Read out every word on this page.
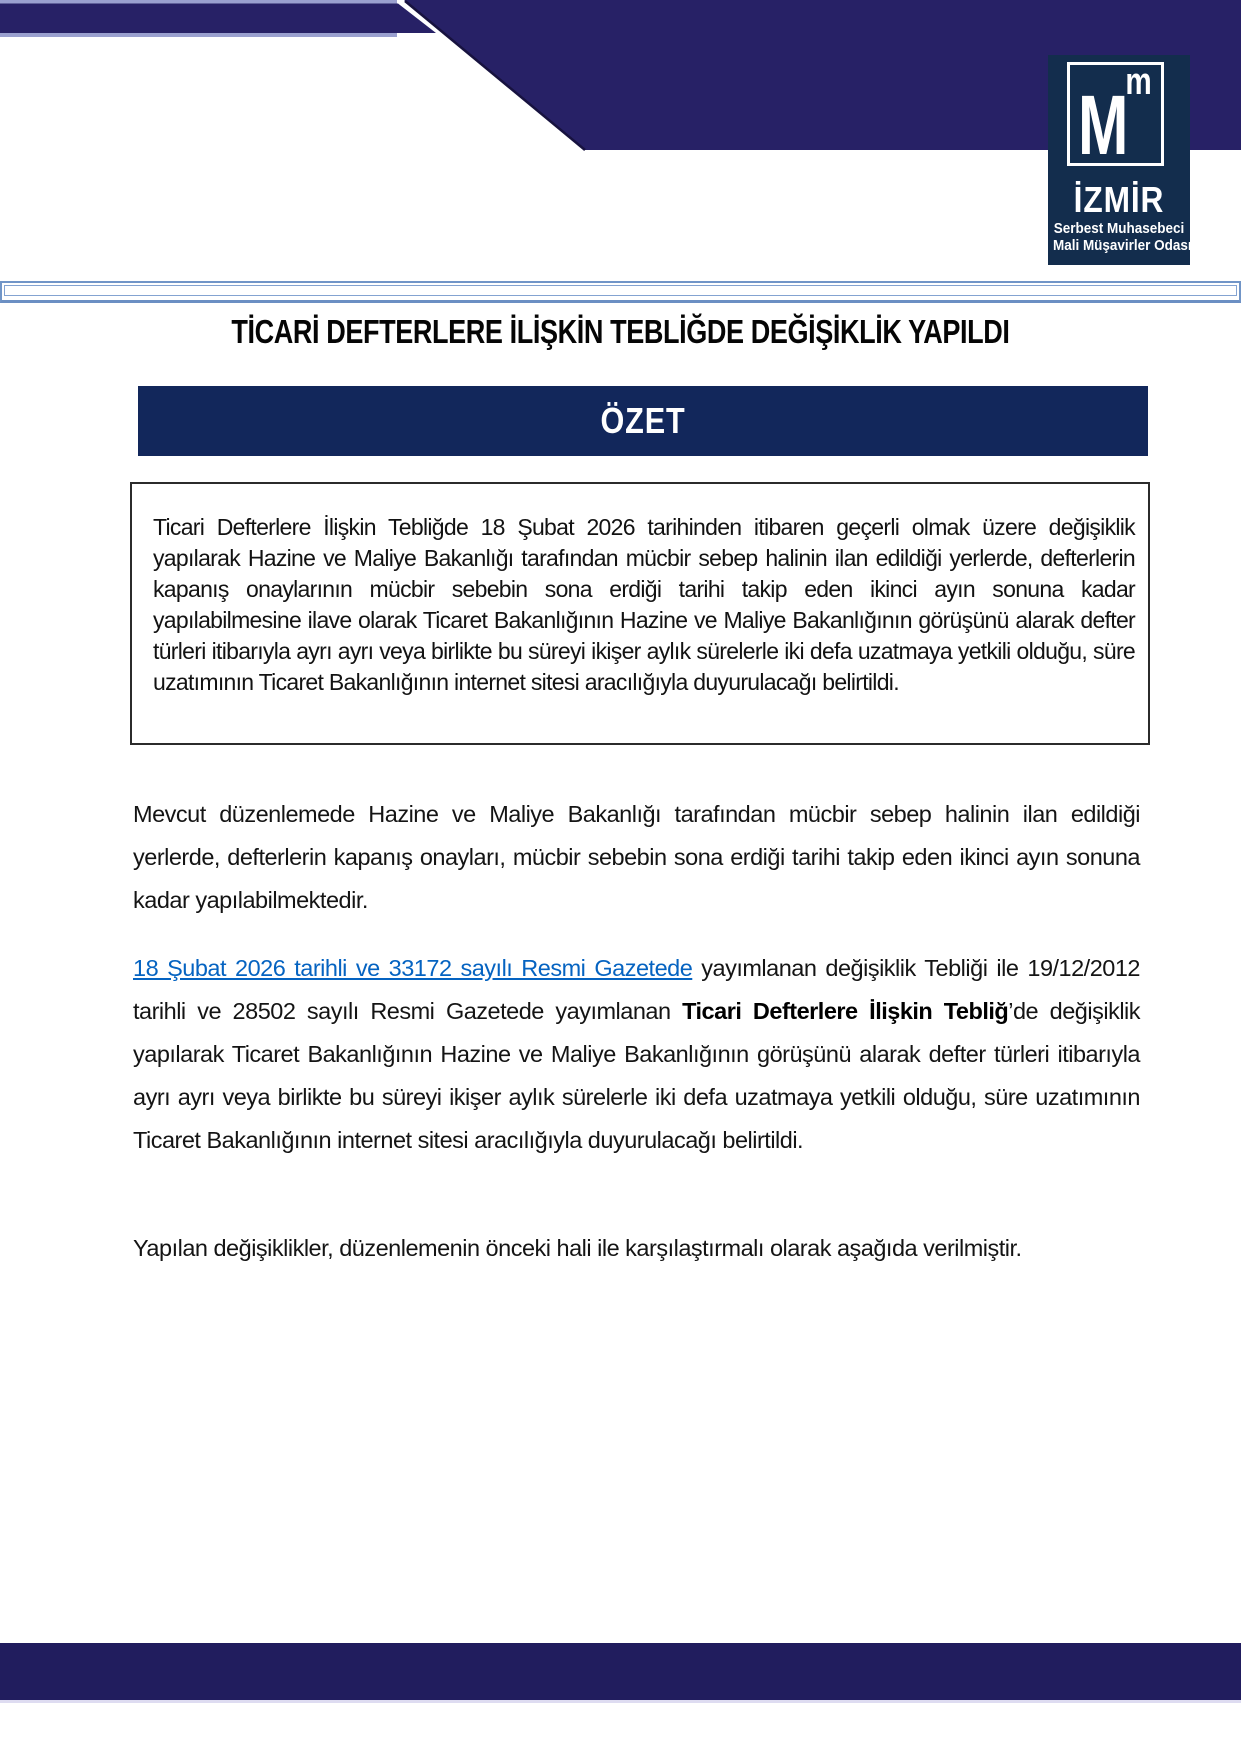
M
m
İZMİR
Serbest Muhasebeci
Mali Müşavirler Odası
TİCARİ DEFTERLERE İLİŞKİN TEBLİĞDE DEĞİŞİKLİK YAPILDI
ÖZET
Ticari Defterlere İlişkin Tebliğde 18 Şubat 2026 tarihinden itibaren geçerli olmak üzere değişiklik yapılarak Hazine ve Maliye Bakanlığı tarafından mücbir sebep halinin ilan edildiği yerlerde, defterlerin kapanış onaylarının mücbir sebebin sona erdiği tarihi takip eden ikinci ayın sonuna kadar yapılabilmesine ilave olarak Ticaret Bakanlığının Hazine ve Maliye Bakanlığının görüşünü alarak defter türleri itibarıyla ayrı ayrı veya birlikte bu süreyi ikişer aylık sürelerle iki defa uzatmaya yetkili olduğu, süre uzatımının Ticaret Bakanlığının internet sitesi aracılığıyla duyurulacağı belirtildi.
Mevcut düzenlemede Hazine ve Maliye Bakanlığı tarafından mücbir sebep halinin ilan edildiği yerlerde, defterlerin kapanış onayları, mücbir sebebin sona erdiği tarihi takip eden ikinci ayın sonuna kadar yapılabilmektedir.
18 Şubat 2026 tarihli ve 33172 sayılı Resmi Gazetede yayımlanan değişiklik Tebliği ile 19/12/2012 tarihli ve 28502 sayılı Resmi Gazetede yayımlanan Ticari Defterlere İlişkin Tebliğ’de değişiklik yapılarak Ticaret Bakanlığının Hazine ve Maliye Bakanlığının görüşünü alarak defter türleri itibarıyla ayrı ayrı veya birlikte bu süreyi ikişer aylık sürelerle iki defa uzatmaya yetkili olduğu, süre uzatımının Ticaret Bakanlığının internet sitesi aracılığıyla duyurulacağı belirtildi.
Yapılan değişiklikler, düzenlemenin önceki hali ile karşılaştırmalı olarak aşağıda verilmiştir.
